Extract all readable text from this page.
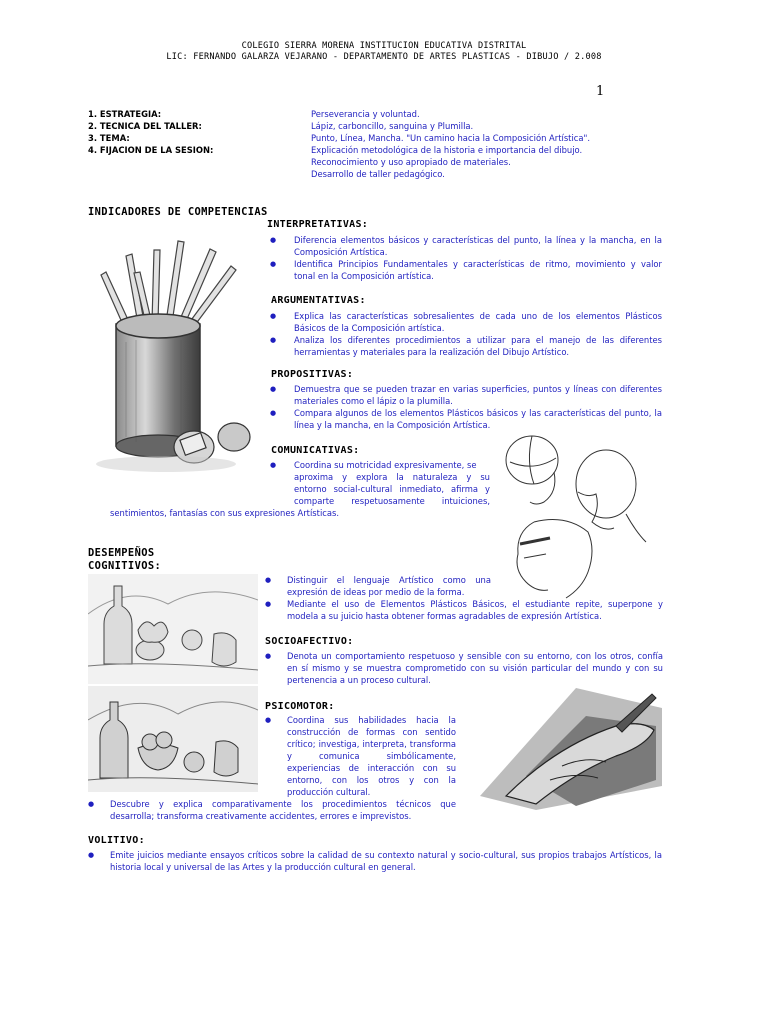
COLEGIO SIERRA MORENA INSTITUCION EDUCATIVA DISTRITAL
LIC: FERNANDO GALARZA VEJARANO - DEPARTAMENTO DE ARTES PLASTICAS - DIBUJO / 2.008
1
1. ESTRATEGIA:
2. TECNICA DEL TALLER:
3. TEMA:
4. FIJACION DE LA SESION:
Perseverancia y voluntad.
Lápiz, carboncillo, sanguina y Plumilla.
Punto, Línea, Mancha. "Un camino hacia la Composición Artística".
Explicación metodológica de la historia e importancia del dibujo.
Reconocimiento y uso apropiado de materiales.
Desarrollo de taller pedagógico.
INDICADORES DE COMPETENCIAS
INTERPRETATIVAS:
● Diferencia elementos básicos y características del punto, la línea y la mancha, en la Composición Artística.
● Identifica Principios Fundamentales y características de ritmo, movimiento y valor tonal en la Composición artística.
ARGUMENTATIVAS:
● Explica las características sobresalientes de cada uno de los elementos Plásticos Básicos de la Composición artística.
● Analiza los diferentes procedimientos a utilizar para el manejo de las diferentes herramientas y materiales para la realización del Dibujo Artístico.
PROPOSITIVAS:
● Demuestra que se pueden trazar en varias superficies, puntos y líneas con diferentes materiales como el lápiz o la plumilla.
● Compara algunos de los elementos Plásticos básicos y las características del punto, la línea y la mancha, en la Composición Artística.
COMUNICATIVAS:
● Coordina su motricidad expresivamente, se
aproxima y explora la naturaleza y su
entorno social-cultural inmediato, afirma y
comparte respetuosamente intuiciones,
sentimientos, fantasías con sus expresiones Artísticas.
DESEMPEÑOS
COGNITIVOS:
● Distinguir el lenguaje Artístico como una expresión de ideas por medio de la forma.
● Mediante el uso de Elementos Plásticos Básicos, el estudiante repite, superpone y modela a su juicio hasta obtener formas agradables de expresión Artística.
SOCIOAFECTIVO:
● Denota un comportamiento respetuoso y sensible con su entorno, con los otros, confía en sí mismo y se muestra comprometido con su visión particular del mundo y con su pertenencia a un proceso cultural.
PSICOMOTOR:
● Coordina sus habilidades hacia la construcción de formas con sentido crítico; investiga, interpreta, transforma y comunica simbólicamente, experiencias de interacción con su entorno, con los otros y con la producción cultural.
● Descubre y explica comparativamente los procedimientos técnicos que desarrolla; transforma creativamente accidentes, errores e imprevistos.
VOLITIVO:
● Emite juicios mediante ensayos críticos sobre la calidad de su contexto natural y socio-cultural, sus propios trabajos Artísticos, la historia local y universal de las Artes y la producción cultural en general.
